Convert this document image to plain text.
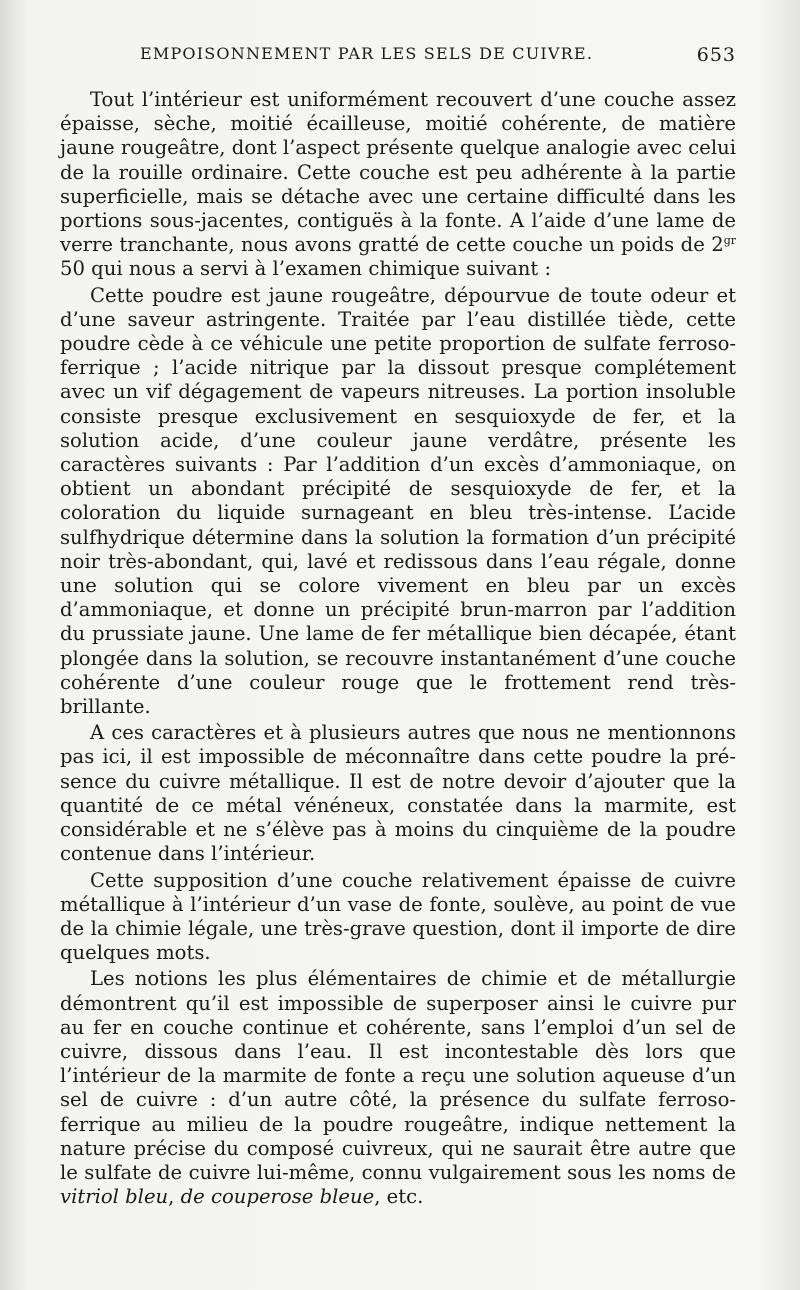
EMPOISONNEMENT PAR LES SELS DE CUIVRE.	653

Tout l’intérieur est uniformément recouvert d’une couche assez épaisse, sèche, moitié écailleuse, moitié cohérente, de matière jaune rougeâtre, dont l’aspect présente quelque analogie avec celui de la rouille ordinaire. Cette couche est peu adhérente à la partie superficielle, mais se détache avec une certaine difficulté dans les portions sous-jacentes, contiguës à la fonte. A l’aide d’une lame de verre tranchante, nous avons gratté de cette couche un poids de $2^{gr}$ 50 qui nous a servi à l’examen chimique suivant :

Cette poudre est jaune rougeâtre, dépourvue de toute odeur et d’une saveur astringente. Traitée par l’eau distillée tiède, cette poudre cède à ce véhicule une petite proportion de sulfate ferrosoferrique ; l’acide nitrique par la dissout presque complétement avec un vif dégagement de vapeurs nitreuses. La portion insoluble consiste presque exclusivement en sesquioxyde de fer, et la solution acide, d’une couleur jaune verdâtre, présente les caractères suivants : Par l’addition d’un excès d’ammoniaque, on obtient un abondant précipité de sesquioxyde de fer, et la coloration du liquide surnageant en bleu très-intense. L’acide sulfhydrique détermine dans la solution la formation d’un précipité noir très-abondant, qui, lavé et redissous dans l’eau régale, donne une solution qui se colore vivement en bleu par un excès d’ammoniaque, et donne un précipité brun-marron par l’addition du prussiate jaune. Une lame de fer métallique bien décapée, étant plongée dans la solution, se recouvre instantanément d’une couche cohérente d’une couleur rouge que le frottement rend très-brillante.

A ces caractères et à plusieurs autres que nous ne mentionnons pas ici, il est impossible de méconnaître dans cette poudre la présence du cuivre métallique. Il est de notre devoir d’ajouter que la quantité de ce métal vénéneux, constatée dans la marmite, est considérable et ne s’élève pas à moins du cinquième de la poudre contenue dans l’intérieur.

Cette supposition d’une couche relativement épaisse de cuivre métallique à l’intérieur d’un vase de fonte, soulève, au point de vue de la chimie légale, une très-grave question, dont il importe de dire quelques mots.

Les notions les plus élémentaires de chimie et de métallurgie démontrent qu’il est impossible de superposer ainsi le cuivre pur au fer en couche continue et cohérente, sans l’emploi d’un sel de cuivre, dissous dans l’eau. Il est incontestable dès lors que l’intérieur de la marmite de fonte a reçu une solution aqueuse d’un sel de cuivre : d’un autre côté, la présence du sulfate ferroso-ferrique au milieu de la poudre rougeâtre, indique nettement la nature précise du composé cuivreux, qui ne saurait être autre que le sulfate de cuivre lui-même, connu vulgairement sous les noms de vitriol bleu, de couperose bleue, etc.
